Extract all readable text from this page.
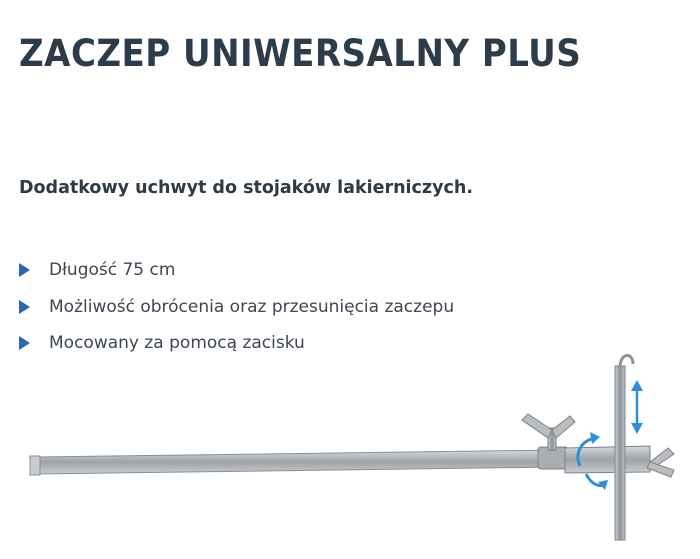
ZACZEP UNIWERSALNY PLUS

Dodatkowy uchwyt do stojaków lakierniczych.

Długość 75 cm
Możliwość obrócenia oraz przesunięcia zaczepu
Mocowany za pomocą zacisku
